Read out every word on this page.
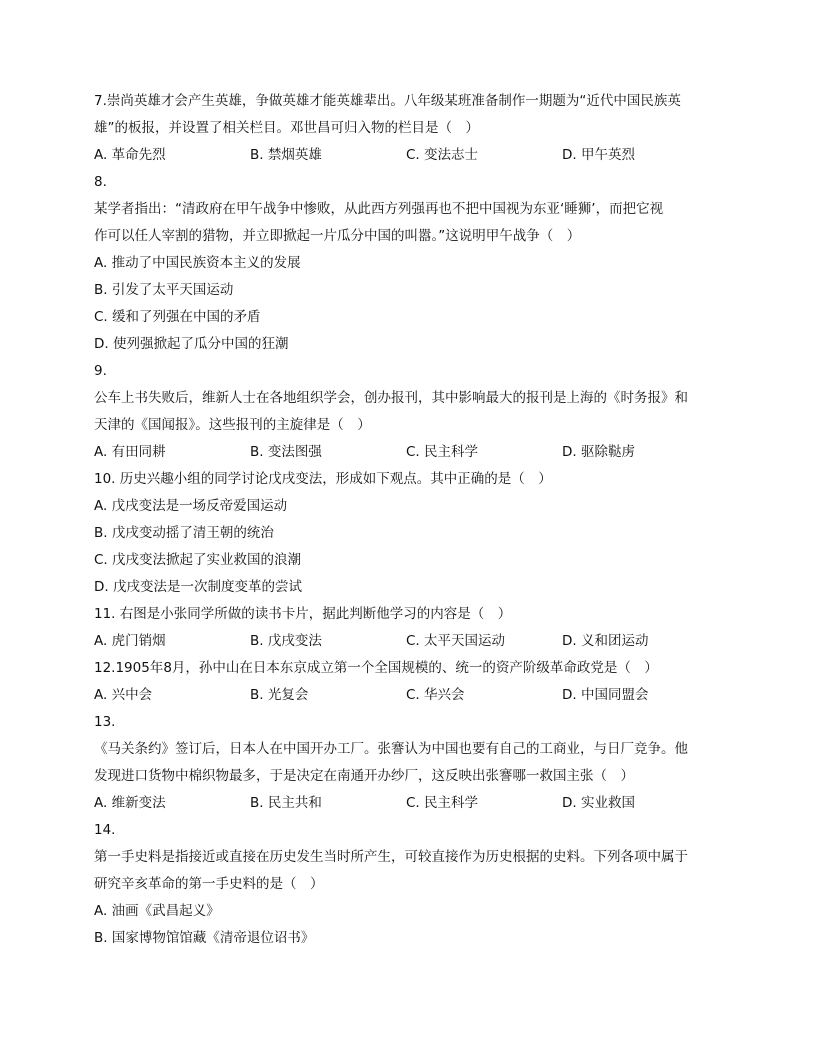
7.崇尚英雄才会产生英雄，争做英雄才能英雄辈出。八年级某班准备制作一期题为“近代中国民族英
雄”的板报，并设置了相关栏目。邓世昌可归入物的栏目是（　）
A. 革命先烈	B. 禁烟英雄	C. 变法志士	D. 甲午英烈
8.
某学者指出：“清政府在甲午战争中惨败，从此西方列强再也不把中国视为东亚‘睡狮’，而把它视
作可以任人宰割的猎物，并立即掀起一片瓜分中国的叫嚣。”这说明甲午战争（　）
A. 推动了中国民族资本主义的发展
B. 引发了太平天国运动
C. 缓和了列强在中国的矛盾
D. 使列强掀起了瓜分中国的狂潮
9.
公车上书失败后，维新人士在各地组织学会，创办报刊，其中影响最大的报刊是上海的《时务报》和
天津的《国闻报》。这些报刊的主旋律是（　）
A. 有田同耕	B. 变法图强	C. 民主科学	D. 驱除鞑虏
10. 历史兴趣小组的同学讨论戊戌变法，形成如下观点。其中正确的是（　）
A. 戊戌变法是一场反帝爱国运动
B. 戊戌变动摇了清王朝的统治
C. 戊戌变法掀起了实业救国的浪潮
D. 戊戌变法是一次制度变革的尝试
11. 右图是小张同学所做的读书卡片，据此判断他学习的内容是（　）
A. 虎门销烟	B. 戊戌变法	C. 太平天国运动	D. 义和团运动
12.1905年8月，孙中山在日本东京成立第一个全国规模的、统一的资产阶级革命政党是（　）
A. 兴中会	B. 光复会	C. 华兴会	D. 中国同盟会
13.
《马关条约》签订后，日本人在中国开办工厂。张謇认为中国也要有自己的工商业，与日厂竞争。他
发现进口货物中棉织物最多，于是决定在南通开办纱厂，这反映出张謇哪一救国主张（　）
A. 维新变法	B. 民主共和	C. 民主科学	D. 实业救国
14.
第一手史料是指接近或直接在历史发生当时所产生，可较直接作为历史根据的史料。下列各项中属于
研究辛亥革命的第一手史料的是（　）
A. 油画《武昌起义》
B. 国家博物馆馆藏《清帝退位诏书》
